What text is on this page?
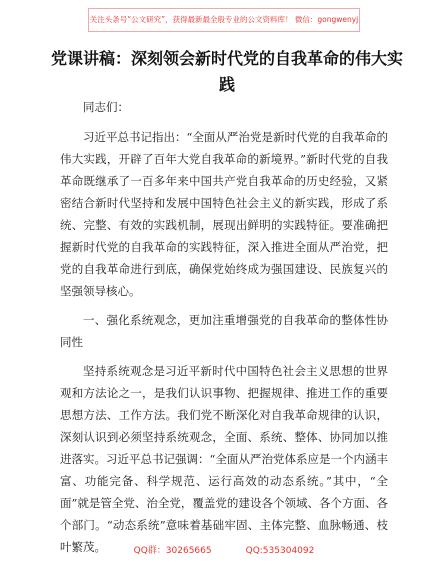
关注头条号“公文研究”，获得最新最全般专业的公文资料库！ 微信：gongwenyj
党课讲稿：深刻领会新时代党的自我革命的伟大实践

同志们：

习近平总书记指出：“全面从严治党是新时代党的自我革命的伟大实践，开辟了百年大党自我革命的新境界。”新时代党的自我革命既继承了一百多年来中国共产党自我革命的历史经验，又紧密结合新时代坚持和发展中国特色社会主义的新实践，形成了系统、完整、有效的实践机制，展现出鲜明的实践特征。要准确把握新时代党的自我革命的实践特征，深入推进全面从严治党，把党的自我革命进行到底，确保党始终成为强国建设、民族复兴的坚强领导核心。

一、强化系统观念，更加注重增强党的自我革命的整体性协同性

坚持系统观念是习近平新时代中国特色社会主义思想的世界观和方法论之一，是我们认识事物、把握规律、推进工作的重要思想方法、工作方法。我们党不断深化对自我革命规律的认识，深刻认识到必须坚持系统观念，全面、系统、整体、协同加以推进落实。习近平总书记强调：“全面从严治党体系应是一个内涵丰富、功能完备、科学规范、运行高效的动态系统。”其中，“全面”就是管全党、治全党，覆盖党的建设各个领域、各个方面、各个部门。“动态系统”意味着基础牢固、主体完整、血脉畅通、枝叶繁茂。	QQ群：30265665	QQ:535304092
